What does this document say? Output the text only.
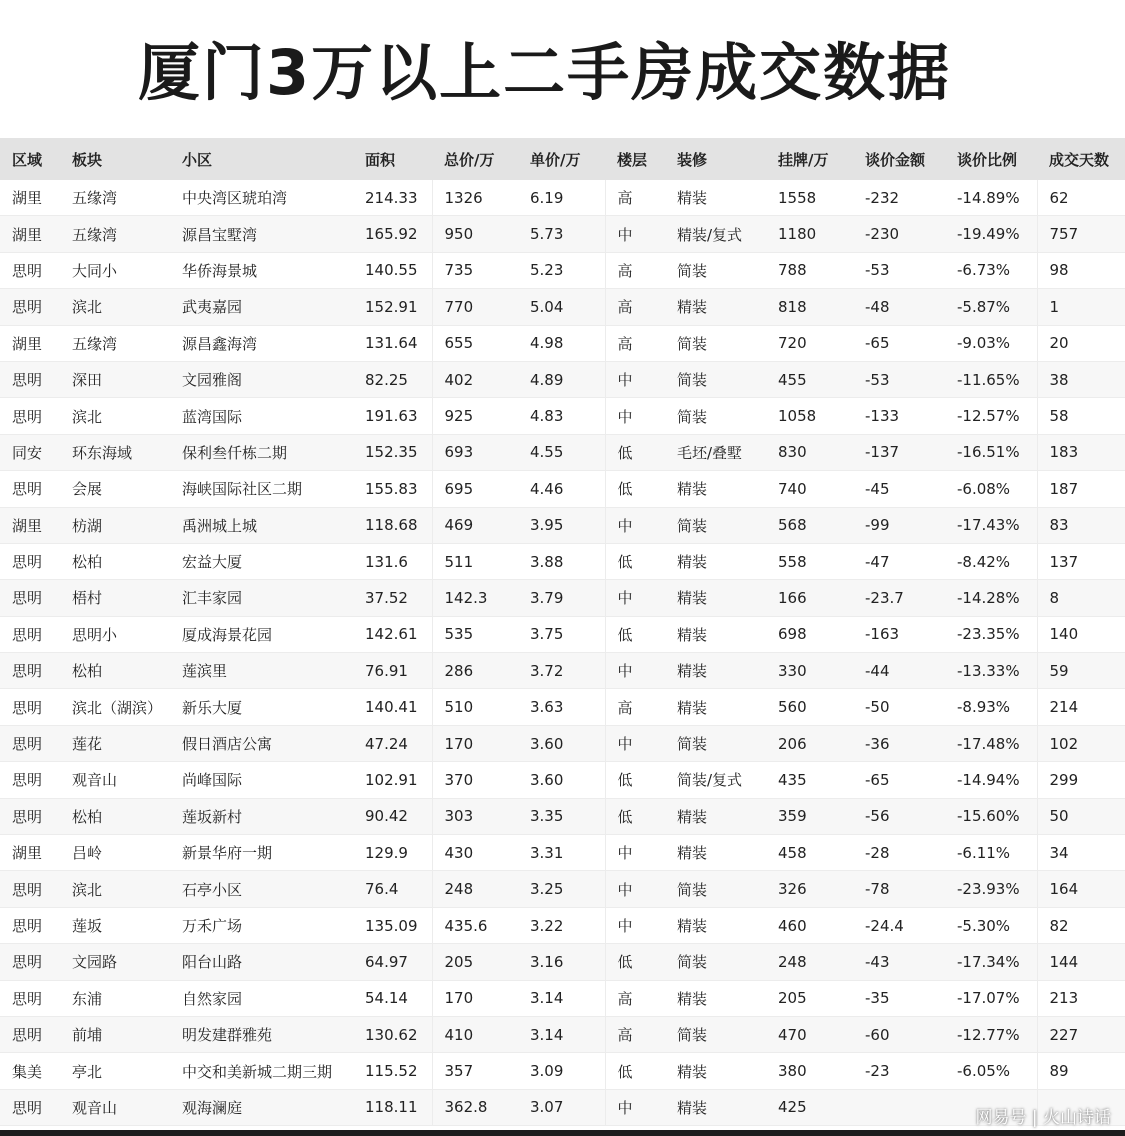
厦门3万以上二手房成交数据
区域	板块	小区	面积	总价/万	单价/万	楼层	装修	挂牌/万	谈价金额	谈价比例	成交天数
湖里	五缘湾	中央湾区琥珀湾	214.33	1326	6.19	高	精装	1558	-232	-14.89%	62
湖里	五缘湾	源昌宝墅湾	165.92	950	5.73	中	精装/复式	1180	-230	-19.49%	757
思明	大同小	华侨海景城	140.55	735	5.23	高	简装	788	-53	-6.73%	98
思明	滨北	武夷嘉园	152.91	770	5.04	高	精装	818	-48	-5.87%	1
湖里	五缘湾	源昌鑫海湾	131.64	655	4.98	高	简装	720	-65	-9.03%	20
思明	深田	文园雅阁	82.25	402	4.89	中	简装	455	-53	-11.65%	38
思明	滨北	蓝湾国际	191.63	925	4.83	中	简装	1058	-133	-12.57%	58
同安	环东海域	保利叁仟栋二期	152.35	693	4.55	低	毛坯/叠墅	830	-137	-16.51%	183
思明	会展	海峡国际社区二期	155.83	695	4.46	低	精装	740	-45	-6.08%	187
湖里	枋湖	禹洲城上城	118.68	469	3.95	中	简装	568	-99	-17.43%	83
思明	松柏	宏益大厦	131.6	511	3.88	低	精装	558	-47	-8.42%	137
思明	梧村	汇丰家园	37.52	142.3	3.79	中	精装	166	-23.7	-14.28%	8
思明	思明小	厦成海景花园	142.61	535	3.75	低	精装	698	-163	-23.35%	140
思明	松柏	莲滨里	76.91	286	3.72	中	精装	330	-44	-13.33%	59
思明	滨北（湖滨）	新乐大厦	140.41	510	3.63	高	精装	560	-50	-8.93%	214
思明	莲花	假日酒店公寓	47.24	170	3.60	中	简装	206	-36	-17.48%	102
思明	观音山	尚峰国际	102.91	370	3.60	低	简装/复式	435	-65	-14.94%	299
思明	松柏	莲坂新村	90.42	303	3.35	低	精装	359	-56	-15.60%	50
湖里	吕岭	新景华府一期	129.9	430	3.31	中	精装	458	-28	-6.11%	34
思明	滨北	石亭小区	76.4	248	3.25	中	简装	326	-78	-23.93%	164
思明	莲坂	万禾广场	135.09	435.6	3.22	中	精装	460	-24.4	-5.30%	82
思明	文园路	阳台山路	64.97	205	3.16	低	简装	248	-43	-17.34%	144
思明	东浦	自然家园	54.14	170	3.14	高	精装	205	-35	-17.07%	213
思明	前埔	明发建群雅苑	130.62	410	3.14	高	简装	470	-60	-12.77%	227
集美	亭北	中交和美新城二期三期	115.52	357	3.09	低	精装	380	-23	-6.05%	89
思明	观音山	观海澜庭	118.11	362.8	3.07	中	精装	425			
网易号 | 火山诗话
